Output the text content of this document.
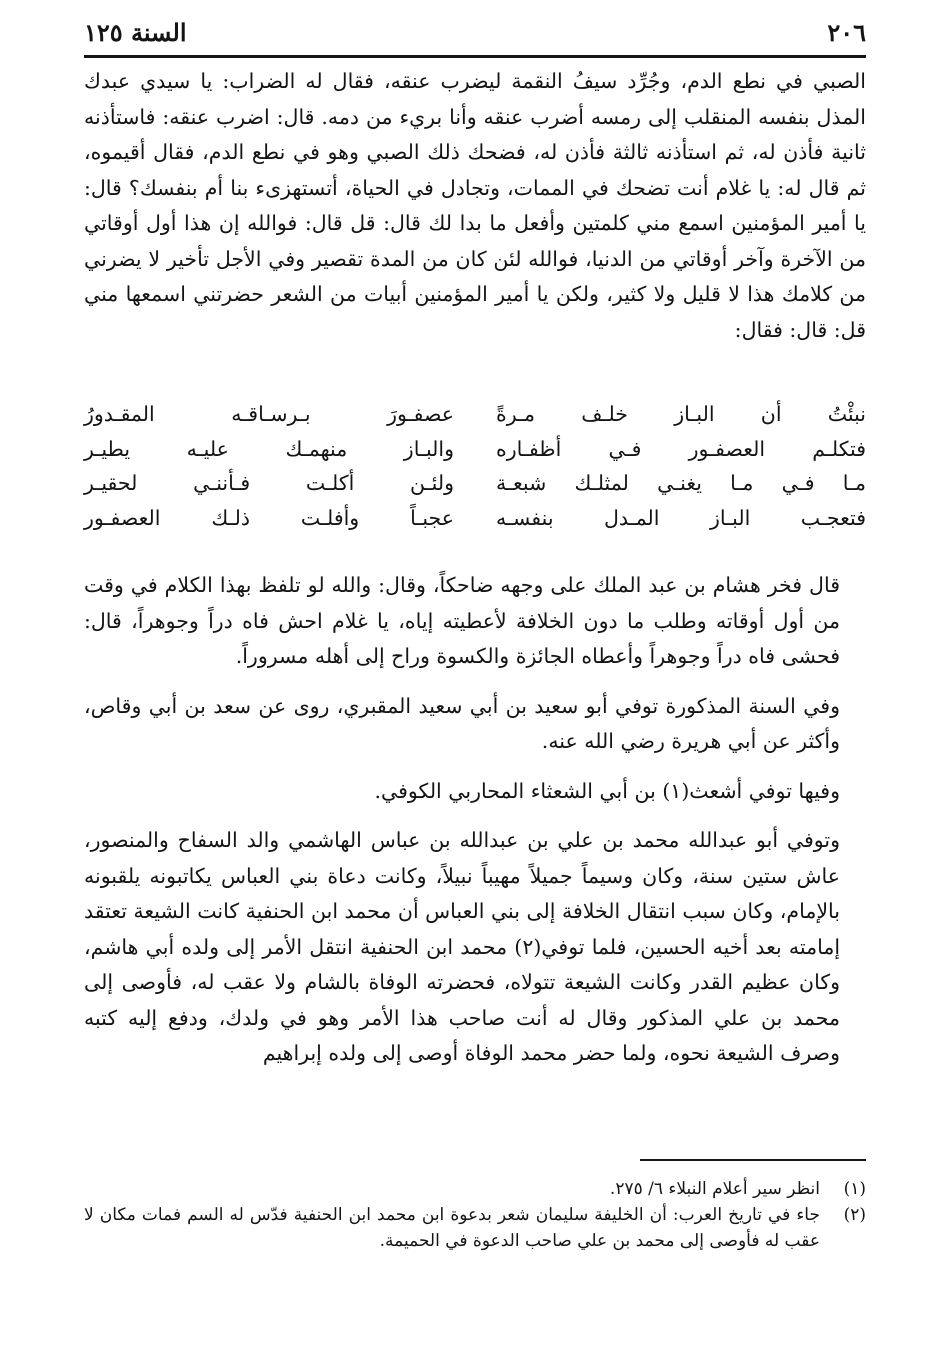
٢٠٦
السنة ١٢٥

الصبي في نطع الدم، وجُرِّد سيفُ النقمة ليضرب عنقه، فقال له الضراب: يا سيدي عبدك المذل بنفسه المنقلب إلى رمسه أضرب عنقه وأنا بريء من دمه. قال: اضرب عنقه: فاستأذنه ثانية فأذن له، ثم استأذنه ثالثة فأذن له، فضحك ذلك الصبي وهو في نطع الدم، فقال أقيموه، ثم قال له: يا غلام أنت تضحك في الممات، وتجادل في الحياة، أتستهزىء بنا أم بنفسك؟ قال: يا أمير المؤمنين اسمع مني كلمتين وأفعل ما بدا لك قال: قل قال: فوالله إن هذا أول أوقاتي من الآخرة وآخر أوقاتي من الدنيا، فوالله لئن كان من المدة تقصير وفي الأجل تأخير لا يضرني من كلامك هذا لا قليل ولا كثير، ولكن يا أمير المؤمنين أبيات من الشعر حضرتني اسمعها مني قل: قال: فقال:

نبئْتُ أن البـاز خلـف مـرةً
عصفـورَ بـرسـاقـه المقـدورُ
فتكلـم العصفـور فـي أظفـاره
والبـاز منهمـك عليـه يطيـر
مـا فـي مـا يغنـي لمثلـك شبعـة
ولئـن أكلـت فـأننـي لحقيـر
فتعجـب البـاز المـدل بنفسـه
عجبـاً وأفلـت ذلـك العصفـور

قال فخر هشام بن عبد الملك على وجهه ضاحكاً، وقال: والله لو تلفظ بهذا الكلام في وقت من أول أوقاته وطلب ما دون الخلافة لأعطيته إياه، يا غلام احش فاه دراً وجوهراً، قال: فحشى فاه دراً وجوهراً وأعطاه الجائزة والكسوة وراح إلى أهله مسروراً.

وفي السنة المذكورة توفي أبو سعيد بن أبي سعيد المقبري، روى عن سعد بن أبي وقاص، وأكثر عن أبي هريرة رضي الله عنه.

وفيها توفي أشعث(١) بن أبي الشعثاء المحاربي الكوفي.

وتوفي أبو عبدالله محمد بن علي بن عبدالله بن عباس الهاشمي والد السفاح والمنصور، عاش ستين سنة، وكان وسيماً جميلاً مهيباً نبيلاً، وكانت دعاة بني العباس يكاتبونه يلقبونه بالإمام، وكان سبب انتقال الخلافة إلى بني العباس أن محمد ابن الحنفية كانت الشيعة تعتقد إمامته بعد أخيه الحسين، فلما توفي(٢) محمد ابن الحنفية انتقل الأمر إلى ولده أبي هاشم، وكان عظيم القدر وكانت الشيعة تتولاه، فحضرته الوفاة بالشام ولا عقب له، فأوصى إلى محمد بن علي المذكور وقال له أنت صاحب هذا الأمر وهو في ولدك، ودفع إليه كتبه وصرف الشيعة نحوه، ولما حضر محمد الوفاة أوصى إلى ولده إبراهيم

(١)
انظر سير أعلام النبلاء ٦/ ٢٧٥.
(٢)
جاء في تاريخ العرب: أن الخليفة سليمان شعر بدعوة ابن محمد ابن الحنفية فدّس له السم فمات مكان لا عقب له فأوصى إلى محمد بن علي صاحب الدعوة في الحميمة.
